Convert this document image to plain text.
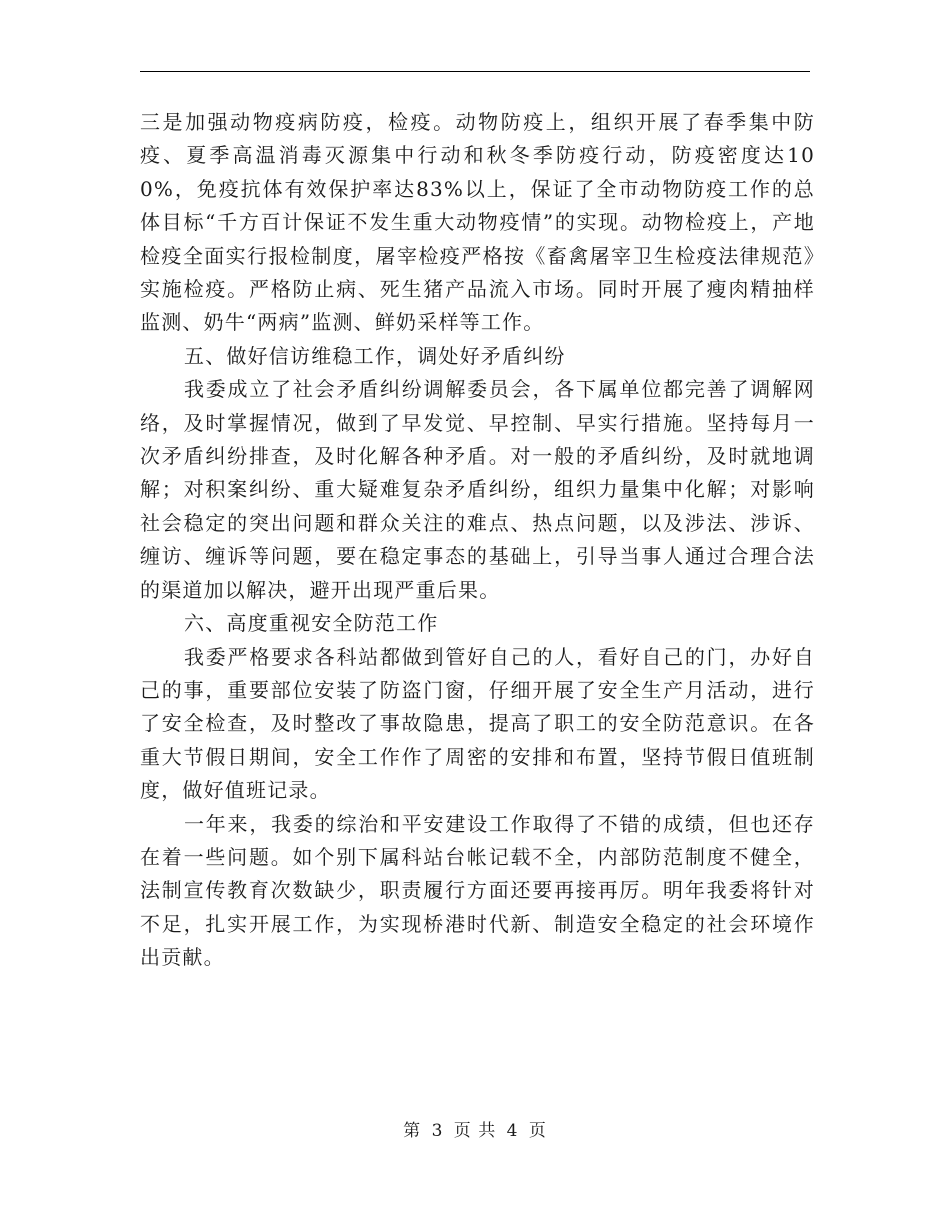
三是加强动物疫病防疫，检疫。动物防疫上，组织开展了春季集中防疫、夏季高温消毒灭源集中行动和秋冬季防疫行动，防疫密度达100%，免疫抗体有效保护率达83%以上，保证了全市动物防疫工作的总体目标“千方百计保证不发生重大动物疫情”的实现。动物检疫上，产地检疫全面实行报检制度，屠宰检疫严格按《畜禽屠宰卫生检疫法律规范》实施检疫。严格防止病、死生猪产品流入市场。同时开展了瘦肉精抽样监测、奶牛“两病”监测、鲜奶采样等工作。

五、做好信访维稳工作，调处好矛盾纠纷

我委成立了社会矛盾纠纷调解委员会，各下属单位都完善了调解网络，及时掌握情况，做到了早发觉、早控制、早实行措施。坚持每月一次矛盾纠纷排查，及时化解各种矛盾。对一般的矛盾纠纷，及时就地调解；对积案纠纷、重大疑难复杂矛盾纠纷，组织力量集中化解；对影响社会稳定的突出问题和群众关注的难点、热点问题，以及涉法、涉诉、缠访、缠诉等问题，要在稳定事态的基础上，引导当事人通过合理合法的渠道加以解决，避开出现严重后果。

六、高度重视安全防范工作

我委严格要求各科站都做到管好自己的人，看好自己的门，办好自己的事，重要部位安装了防盗门窗，仔细开展了安全生产月活动，进行了安全检查，及时整改了事故隐患，提高了职工的安全防范意识。在各重大节假日期间，安全工作作了周密的安排和布置，坚持节假日值班制度，做好值班记录。

一年来，我委的综治和平安建设工作取得了不错的成绩，但也还存在着一些问题。如个别下属科站台帐记载不全，内部防范制度不健全，法制宣传教育次数缺少，职责履行方面还要再接再厉。明年我委将针对不足，扎实开展工作，为实现桥港时代新、制造安全稳定的社会环境作出贡献。

第 3 页 共 4 页
